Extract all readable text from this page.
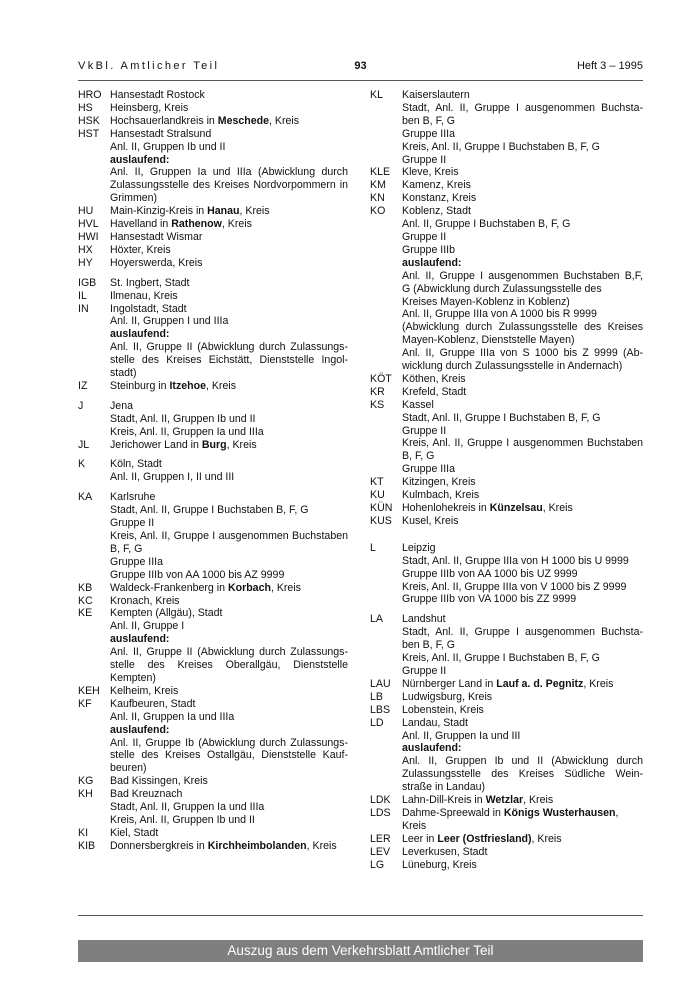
VkBl. Amtlicher Teil	93	Heft 3 – 1995
HRO Hansestadt Rostock
HS	Heinsberg, Kreis
HSK Hochsauerlandkreis in Meschede, Kreis
HST	Hansestadt Stralsund
Anl. II, Gruppen Ib und II
auslaufend:
Anl. II, Gruppen Ia und IIIa (Abwicklung durch
Zulassungsstelle des Kreises Nordvorpommern in
Grimmen)
HU	Main-Kinzig-Kreis in Hanau, Kreis
HVL	Havelland in Rathenow, Kreis
HWI	Hansestadt Wismar
HX	Höxter, Kreis
HY	Hoyerswerda, Kreis
IGB	St. Ingbert, Stadt
IL	Ilmenau, Kreis
IN	Ingolstadt, Stadt
Anl. II, Gruppen I und IIIa
auslaufend:
Anl. II, Gruppe II (Abwicklung durch Zulassungs-
stelle des Kreises Eichstätt, Dienststelle Ingol-
stadt)
IZ	Steinburg in Itzehoe, Kreis
J	Jena
Stadt, Anl. II, Gruppen Ib und II
Kreis, Anl. II, Gruppen Ia und IIIa
JL	Jerichower Land in Burg, Kreis
K	Köln, Stadt
Anl. II, Gruppen I, II und III
KA	Karlsruhe
Stadt, Anl. II, Gruppe I Buchstaben B, F, G
Gruppe II
Kreis, Anl. II, Gruppe I ausgenommen Buchstaben
B, F, G
Gruppe IIIa
Gruppe IIIb von AA 1000 bis AZ 9999
KB	Waldeck-Frankenberg in Korbach, Kreis
KC	Kronach, Kreis
KE	Kempten (Allgäu), Stadt
Anl. II, Gruppe I
auslaufend:
Anl. II, Gruppe II (Abwicklung durch Zulassungs-
stelle des Kreises Oberallgäu, Dienststelle
Kempten)
KEH Kelheim, Kreis
KF	Kaufbeuren, Stadt
Anl. II, Gruppen Ia und IIIa
auslaufend:
Anl. II, Gruppe Ib (Abwicklung durch Zulassungs-
stelle des Kreises Ostallgäu, Dienststelle Kauf-
beuren)
KG	Bad Kissingen, Kreis
KH	Bad Kreuznach
Stadt, Anl. II, Gruppen Ia und IIIa
Kreis, Anl. II, Gruppen Ib und II
KI	Kiel, Stadt
KIB	Donnersbergkreis in Kirchheimbolanden, Kreis
KL	Kaiserslautern
Stadt, Anl. II, Gruppe I ausgenommen Buchsta-
ben B, F, G
Gruppe IIIa
Kreis, Anl. II, Gruppe I Buchstaben B, F, G
Gruppe II
KLE	Kleve, Kreis
KM	Kamenz, Kreis
KN	Konstanz, Kreis
KO	Koblenz, Stadt
Anl. II, Gruppe I Buchstaben B, F, G
Gruppe II
Gruppe IIIb
auslaufend:
Anl. II, Gruppe I ausgenommen Buchstaben B,F,
G (Abwicklung durch Zulassungsstelle des
Kreises Mayen-Koblenz in Koblenz)
Anl. II, Gruppe IIIa von A 1000 bis R 9999
(Abwicklung durch Zulassungsstelle des Kreises
Mayen-Koblenz, Dienststelle Mayen)
Anl. II, Gruppe IIIa von S 1000 bis Z 9999 (Ab-
wicklung durch Zulassungsstelle in Andernach)
KÖT Köthen, Kreis
KR	Krefeld, Stadt
KS	Kassel
Stadt, Anl. II, Gruppe I Buchstaben B, F, G
Gruppe II
Kreis, Anl. II, Gruppe I ausgenommen Buchstaben
B, F, G
Gruppe IIIa
KT	Kitzingen, Kreis
KU	Kulmbach, Kreis
KÜN Hohenlohekreis in Künzelsau, Kreis
KUS Kusel, Kreis
L	Leipzig
Stadt, Anl. II, Gruppe IIIa von H 1000 bis U 9999
Gruppe IIIb von AA 1000 bis UZ 9999
Kreis, Anl. II, Gruppe IIIa von V 1000 bis Z 9999
Gruppe IIIb von VA 1000 bis ZZ 9999
LA	Landshut
Stadt, Anl. II, Gruppe I ausgenommen Buchsta-
ben B, F, G
Kreis, Anl. II, Gruppe I Buchstaben B, F, G
Gruppe II
LAU	Nürnberger Land in Lauf a. d. Pegnitz, Kreis
LB	Ludwigsburg, Kreis
LBS	Lobenstein, Kreis
LD	Landau, Stadt
Anl. II, Gruppen Ia und III
auslaufend:
Anl. II, Gruppen Ib und II (Abwicklung durch
Zulassungsstelle des Kreises Südliche Wein-
straße in Landau)
LDK	Lahn-Dill-Kreis in Wetzlar, Kreis
LDS	Dahme-Spreewald in Königs Wusterhausen,
Kreis
LER	Leer in Leer (Ostfriesland), Kreis
LEV	Leverkusen, Stadt
LG	Lüneburg, Kreis
Auszug aus dem Verkehrsblatt Amtlicher Teil
